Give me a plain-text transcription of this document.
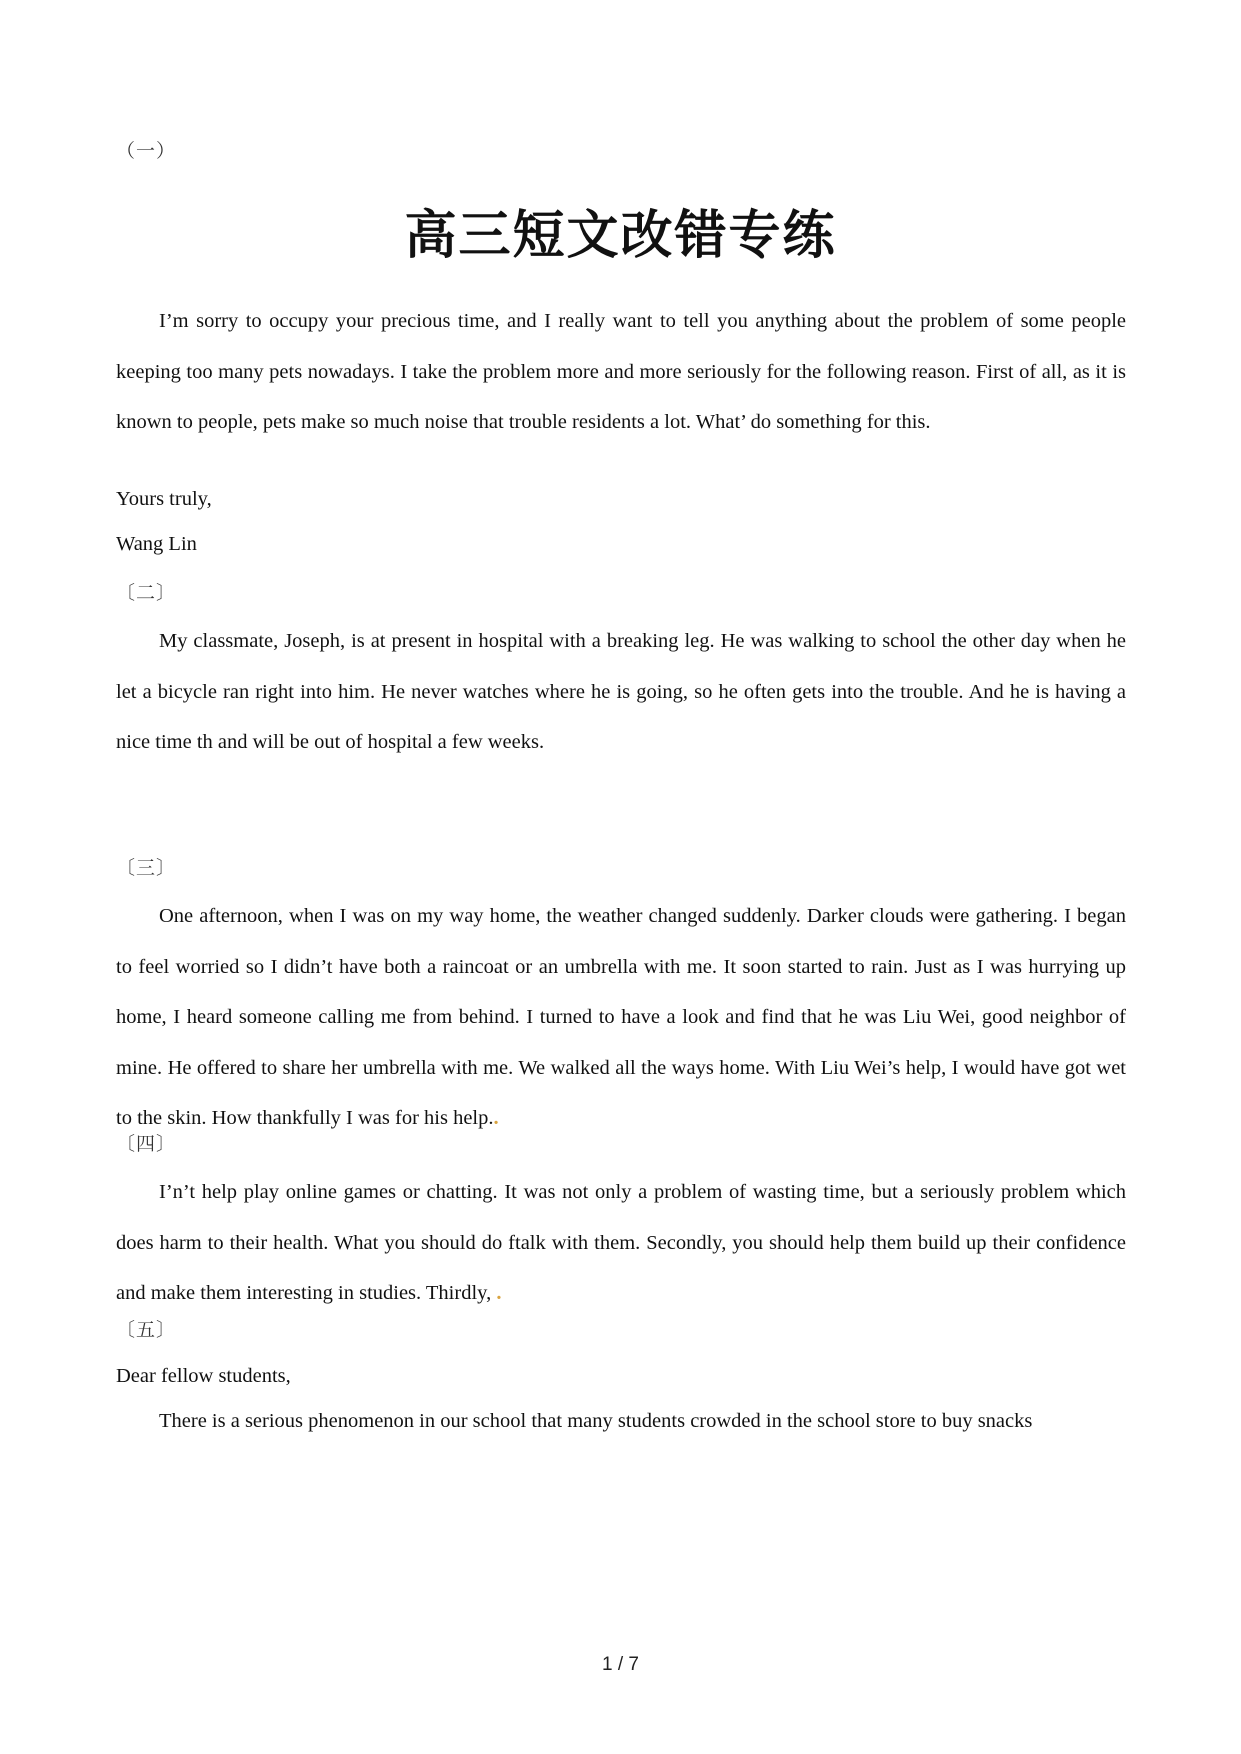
（一）
高三短文改错专练

I’m sorry to occupy your precious time, and I really want to tell you anything about the problem of some people keeping too many pets nowadays. I take the problem more and more seriously for the following reason. First of all, as it is known to people, pets make so much noise that trouble residents a lot. What’ do something for this.

Yours truly,

Wang Lin

〔二〕

My classmate, Joseph, is at present in hospital with a breaking leg. He was walking to school the other day when he let a bicycle ran right into him. He never watches where he is going, so he often gets into the trouble. And he is having a nice time th and will be out of hospital a few weeks.

〔三〕

One afternoon, when I was on my way home, the weather changed suddenly. Darker clouds were gathering. I began to feel worried so I didn’t have both a raincoat or an umbrella with me. It soon started to rain. Just as I was hurrying up home, I heard someone calling me from behind. I turned to have a look and find that he was Liu Wei, good neighbor of mine. He offered to share her umbrella with me. We walked all the ways home. With Liu Wei’s help, I would have got wet to the skin. How thankfully I was for his help..

〔四〕

I’n’t help play online games or chatting. It was not only a problem of wasting time, but a seriously problem which does harm to their health. What you should do ftalk with them. Secondly, you should help them build up their confidence and make them interesting in studies. Thirdly, .

〔五〕

Dear fellow students,

There is a serious phenomenon in our school that many students crowded in the school store to buy snacks

1 / 7
